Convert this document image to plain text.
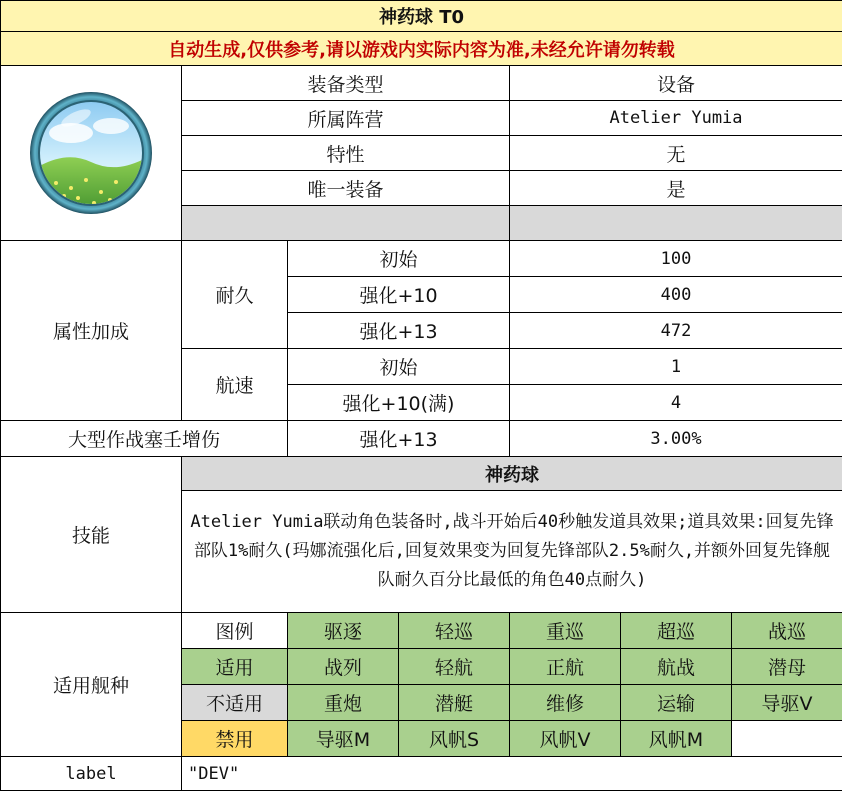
神药球 T0						
自动生成,仅供参考,请以游戏内实际内容为准,未经允许请勿转载						

	装备类型			设备		
	所属阵营			Atelier Yumia		
	特性			无		
	唯一装备			是		

属性加成	耐久	初始		100		
		强化+10		400		
		强化+13		472		
	航速	初始		1		
		强化+10(满)		4		
大型作战塞壬增伤		强化+13		3.00%		
技能	神药球					
	Atelier Yumia联动角色装备时,战斗开始后40秒触发道具效果;道具效果:回复先锋部队1%耐久(玛娜流强化后,回复效果变为回复先锋部队2.5%耐久,并额外回复先锋舰队耐久百分比最低的角色40点耐久)					
适用舰种	图例	驱逐	轻巡	重巡	超巡	战巡
	适用	战列	轻航	正航	航战	潜母
	不适用	重炮	潜艇	维修	运输	导驱V
	禁用	导驱M	风帆S	风帆V	风帆M	
label	"DEV"					
